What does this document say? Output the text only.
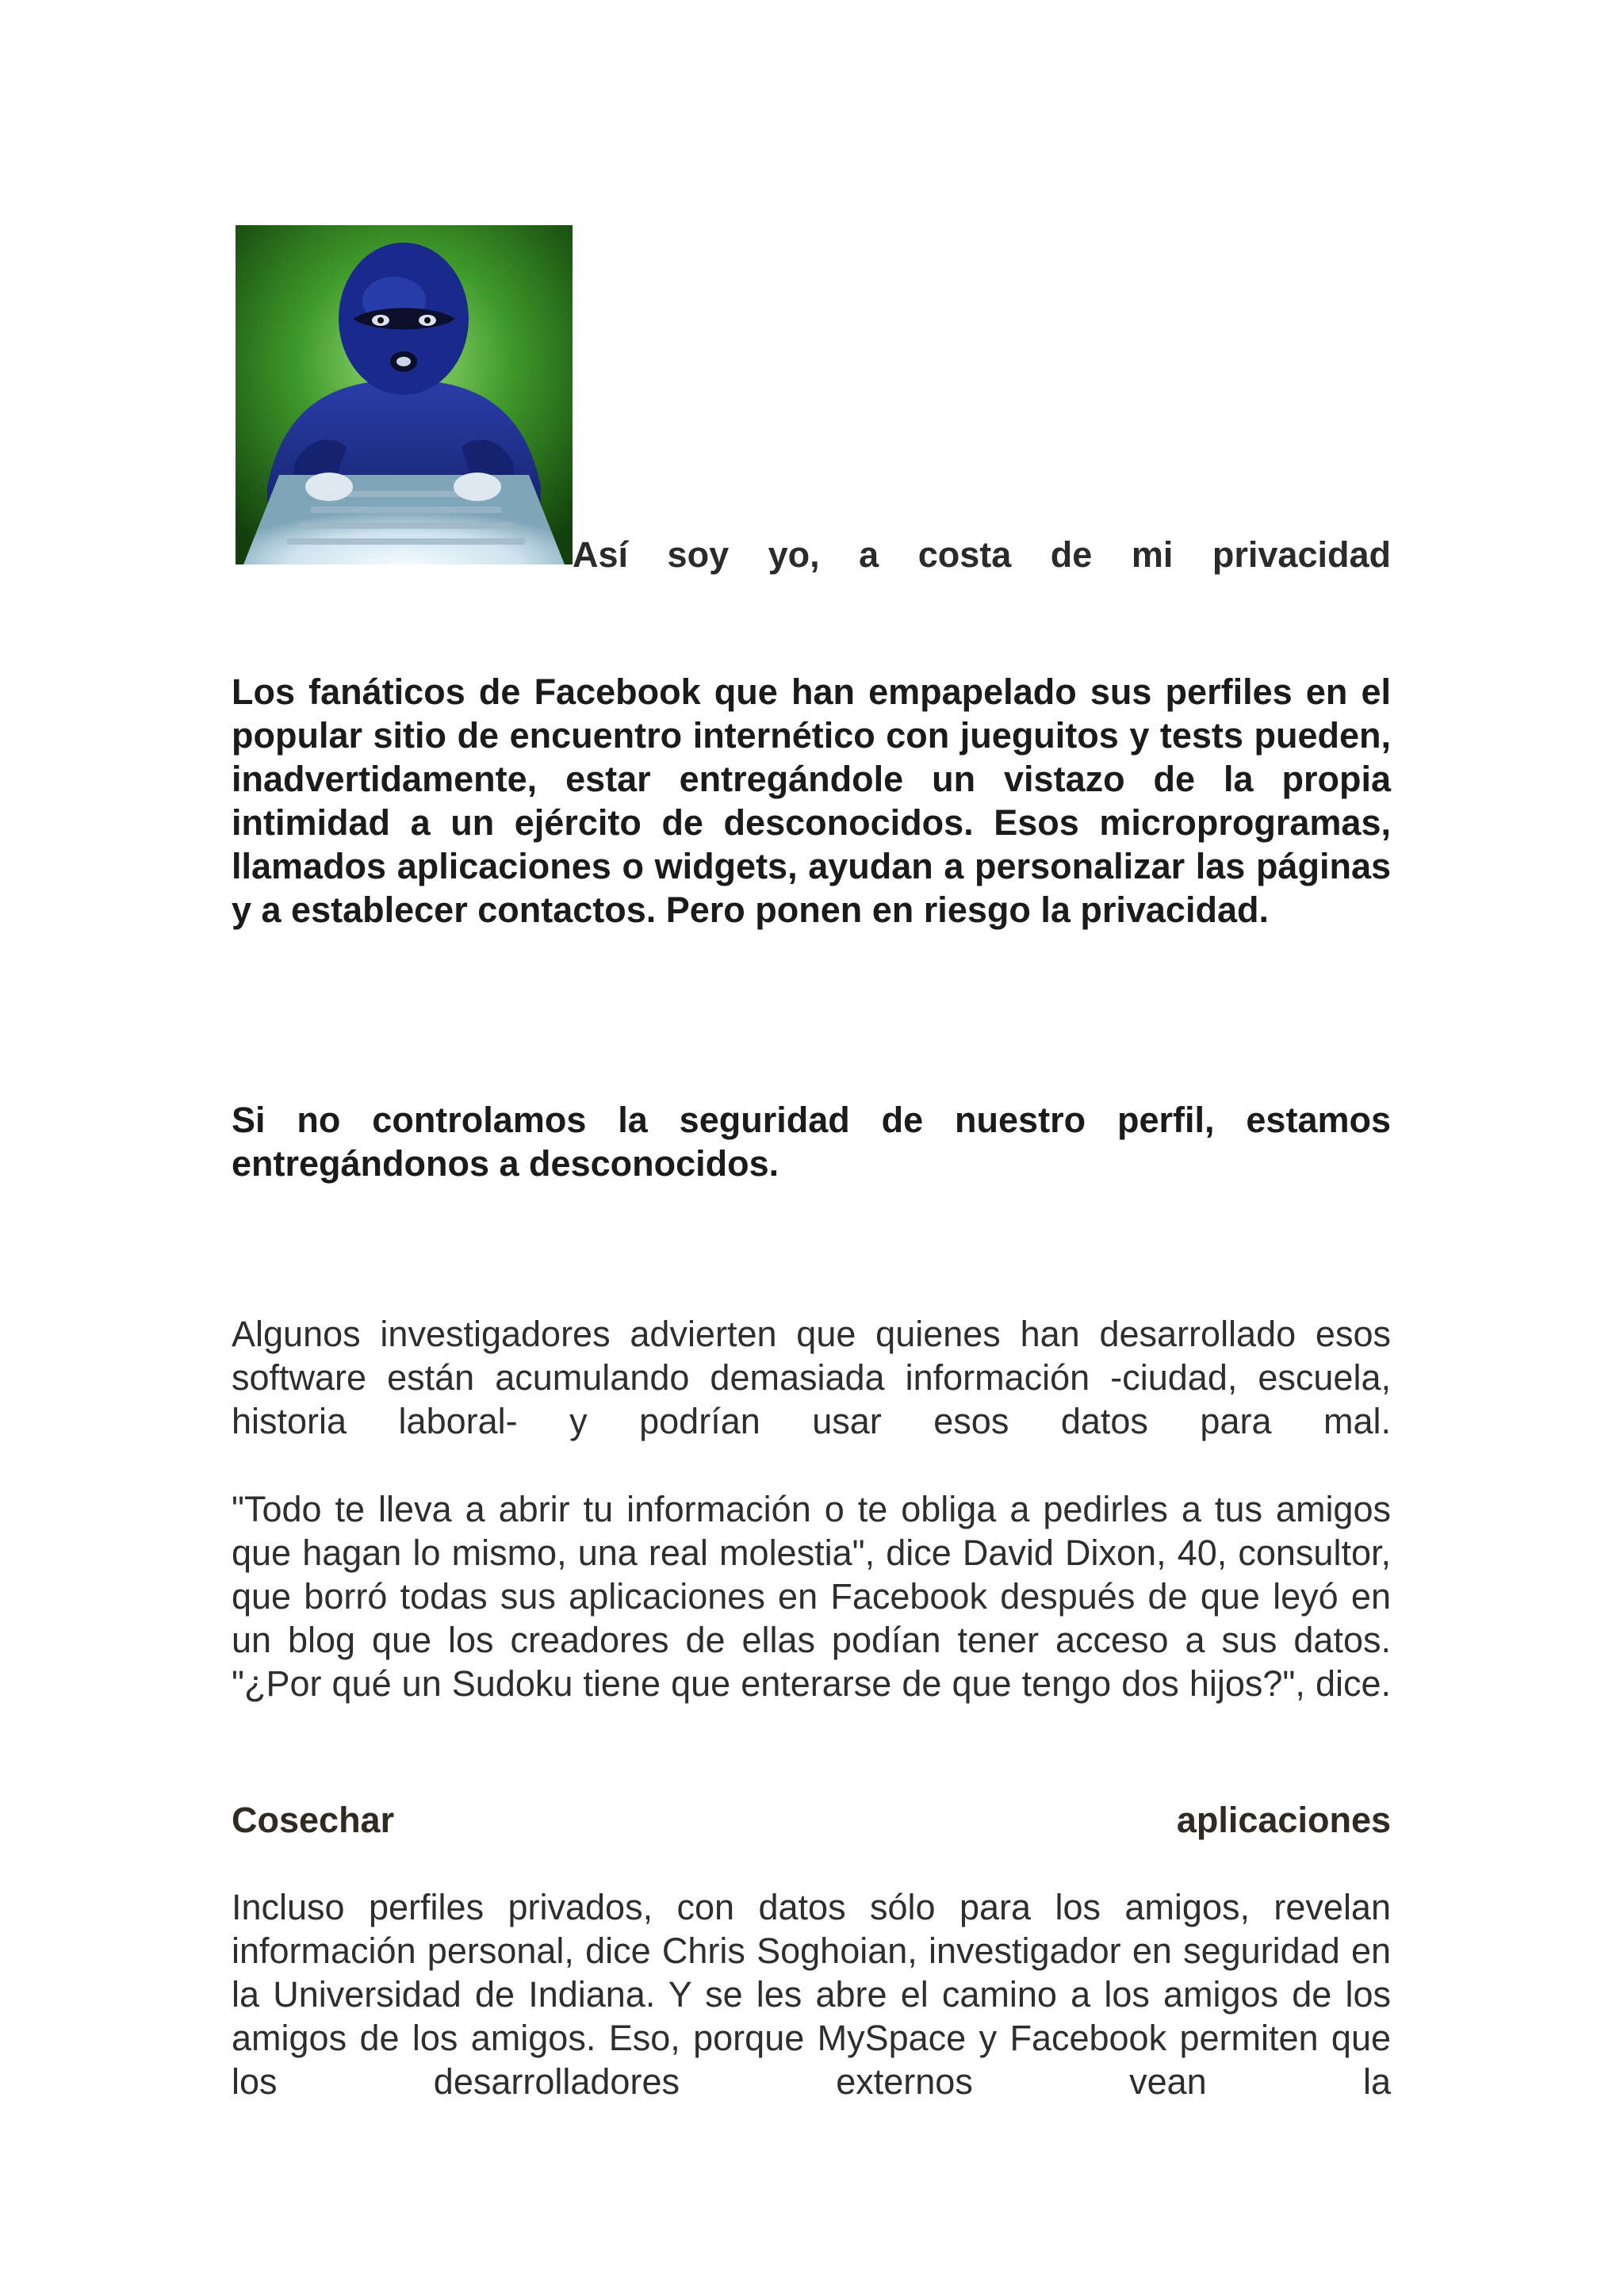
Así soy yo, a costa de mi privacidad

Los fanáticos de Facebook que han empapelado sus perfiles en el popular sitio de encuentro internético con jueguitos y tests pueden, inadvertidamente, estar entregándole un vistazo de la propia intimidad a un ejército de desconocidos. Esos microprogramas, llamados aplicaciones o widgets, ayudan a personalizar las páginas y a establecer contactos. Pero ponen en riesgo la privacidad.

Si no controlamos la seguridad de nuestro perfil, estamos entregándonos a desconocidos.

Algunos investigadores advierten que quienes han desarrollado esos software están acumulando demasiada información -ciudad, escuela, historia laboral- y podrían usar esos datos para mal.

"Todo te lleva a abrir tu información o te obliga a pedirles a tus amigos que hagan lo mismo, una real molestia", dice David Dixon, 40, consultor, que borró todas sus aplicaciones en Facebook después de que leyó en un blog que los creadores de ellas podían tener acceso a sus datos. "¿Por qué un Sudoku tiene que enterarse de que tengo dos hijos?", dice.

Cosechar	aplicaciones

Incluso perfiles privados, con datos sólo para los amigos, revelan información personal, dice Chris Soghoian, investigador en seguridad en la Universidad de Indiana. Y se les abre el camino a los amigos de los amigos de los amigos. Eso, porque MySpace y Facebook permiten que los desarrolladores externos vean la
